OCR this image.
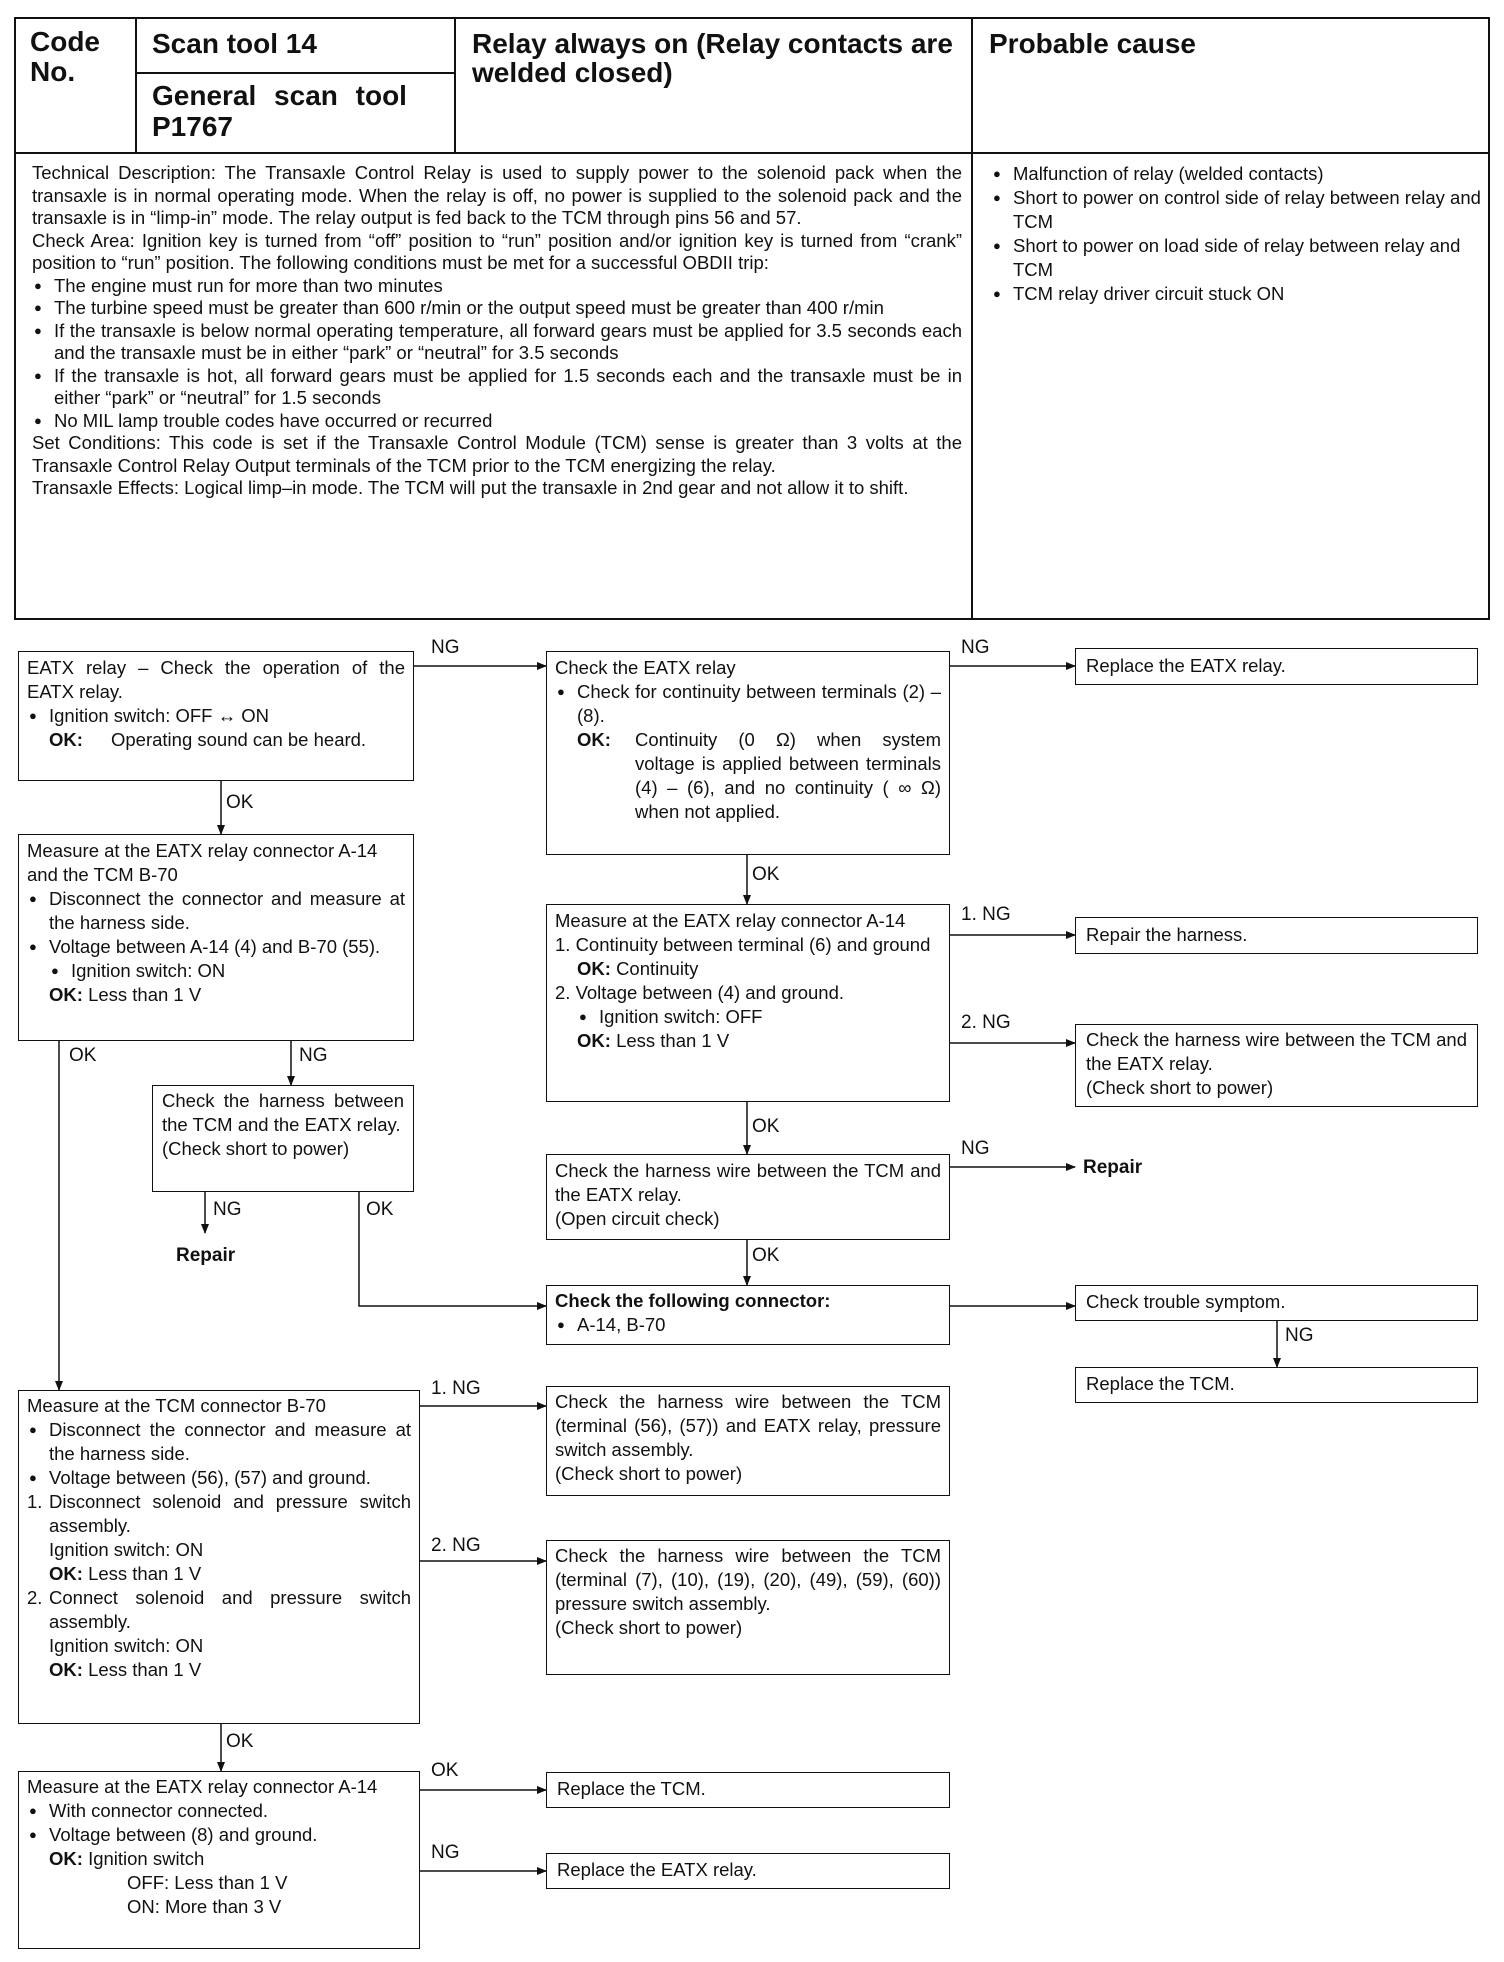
Code No.
Scan tool 14
General scan tool
P1767
Relay always on (Relay contacts are welded closed)
Probable cause
Technical Description: The Transaxle Control Relay is used to supply power to the solenoid pack when the transaxle is in normal operating mode. When the relay is off, no power is supplied to the solenoid pack and the transaxle is in “limp-in” mode. The relay output is fed back to the TCM through pins 56 and 57.
Check Area: Ignition key is turned from “off” position to “run” position and/or ignition key is turned from “crank” position to “run” position. The following conditions must be met for a successful OBDII trip:
● The engine must run for more than two minutes
● The turbine speed must be greater than 600 r/min or the output speed must be greater than 400 r/min
● If the transaxle is below normal operating temperature, all forward gears must be applied for 3.5 seconds each and the transaxle must be in either “park” or “neutral” for 3.5 seconds
● If the transaxle is hot, all forward gears must be applied for 1.5 seconds each and the transaxle must be in either “park” or “neutral” for 1.5 seconds
● No MIL lamp trouble codes have occurred or recurred
Set Conditions: This code is set if the Transaxle Control Module (TCM) sense is greater than 3 volts at the Transaxle Control Relay Output terminals of the TCM prior to the TCM energizing the relay.
Transaxle Effects: Logical limp–in mode. The TCM will put the transaxle in 2nd gear and not allow it to shift.
● Malfunction of relay (welded contacts)
● Short to power on control side of relay between relay and TCM
● Short to power on load side of relay between relay and TCM
● TCM relay driver circuit stuck ON
NG	NG
OK
OK
1. NG
2. NG
OK	NG
OK
NG
NG	OK
Repair
Repair
OK
NG
1. NG
2. NG
OK
OK
NG
EATX relay – Check the operation of the EATX relay.
● Ignition switch: OFF ↔ ON
OK:	Operating sound can be heard.
Check the EATX relay
● Check for continuity between terminals (2) – (8).
OK:	Continuity (0 Ω) when system voltage is applied between terminals (4) – (6), and no continuity ( ∞ Ω) when not applied.
Replace the EATX relay.
Measure at the EATX relay connector A-14 and the TCM B-70
● Disconnect the connector and measure at the harness side.
● Voltage between A-14 (4) and B-70 (55).
● Ignition switch: ON
OK: Less than 1 V
Measure at the EATX relay connector A-14
1. Continuity between terminal (6) and ground
OK: Continuity
2. Voltage between (4) and ground.
● Ignition switch: OFF
OK: Less than 1 V
Repair the harness.
Check the harness wire between the TCM and the EATX relay.
(Check short to power)
Check the harness between the TCM and the EATX relay.
(Check short to power)
Check the harness wire between the TCM and the EATX relay.
(Open circuit check)
Check the following connector:
● A-14, B-70
Check trouble symptom.
Replace the TCM.
Measure at the TCM connector B-70
● Disconnect the connector and measure at the harness side.
● Voltage between (56), (57) and ground.
1. Disconnect solenoid and pressure switch assembly.
Ignition switch: ON
OK: Less than 1 V
2. Connect solenoid and pressure switch assembly.
Ignition switch: ON
OK: Less than 1 V
Check the harness wire between the TCM (terminal (56), (57)) and EATX relay, pressure switch assembly.
(Check short to power)
Check the harness wire between the TCM (terminal (7), (10), (19), (20), (49), (59), (60)) pressure switch assembly.
(Check short to power)
Measure at the EATX relay connector A-14
● With connector connected.
● Voltage between (8) and ground.
OK: Ignition switch
OFF: Less than 1 V
ON: More than 3 V
Replace the TCM.
Replace the EATX relay.
